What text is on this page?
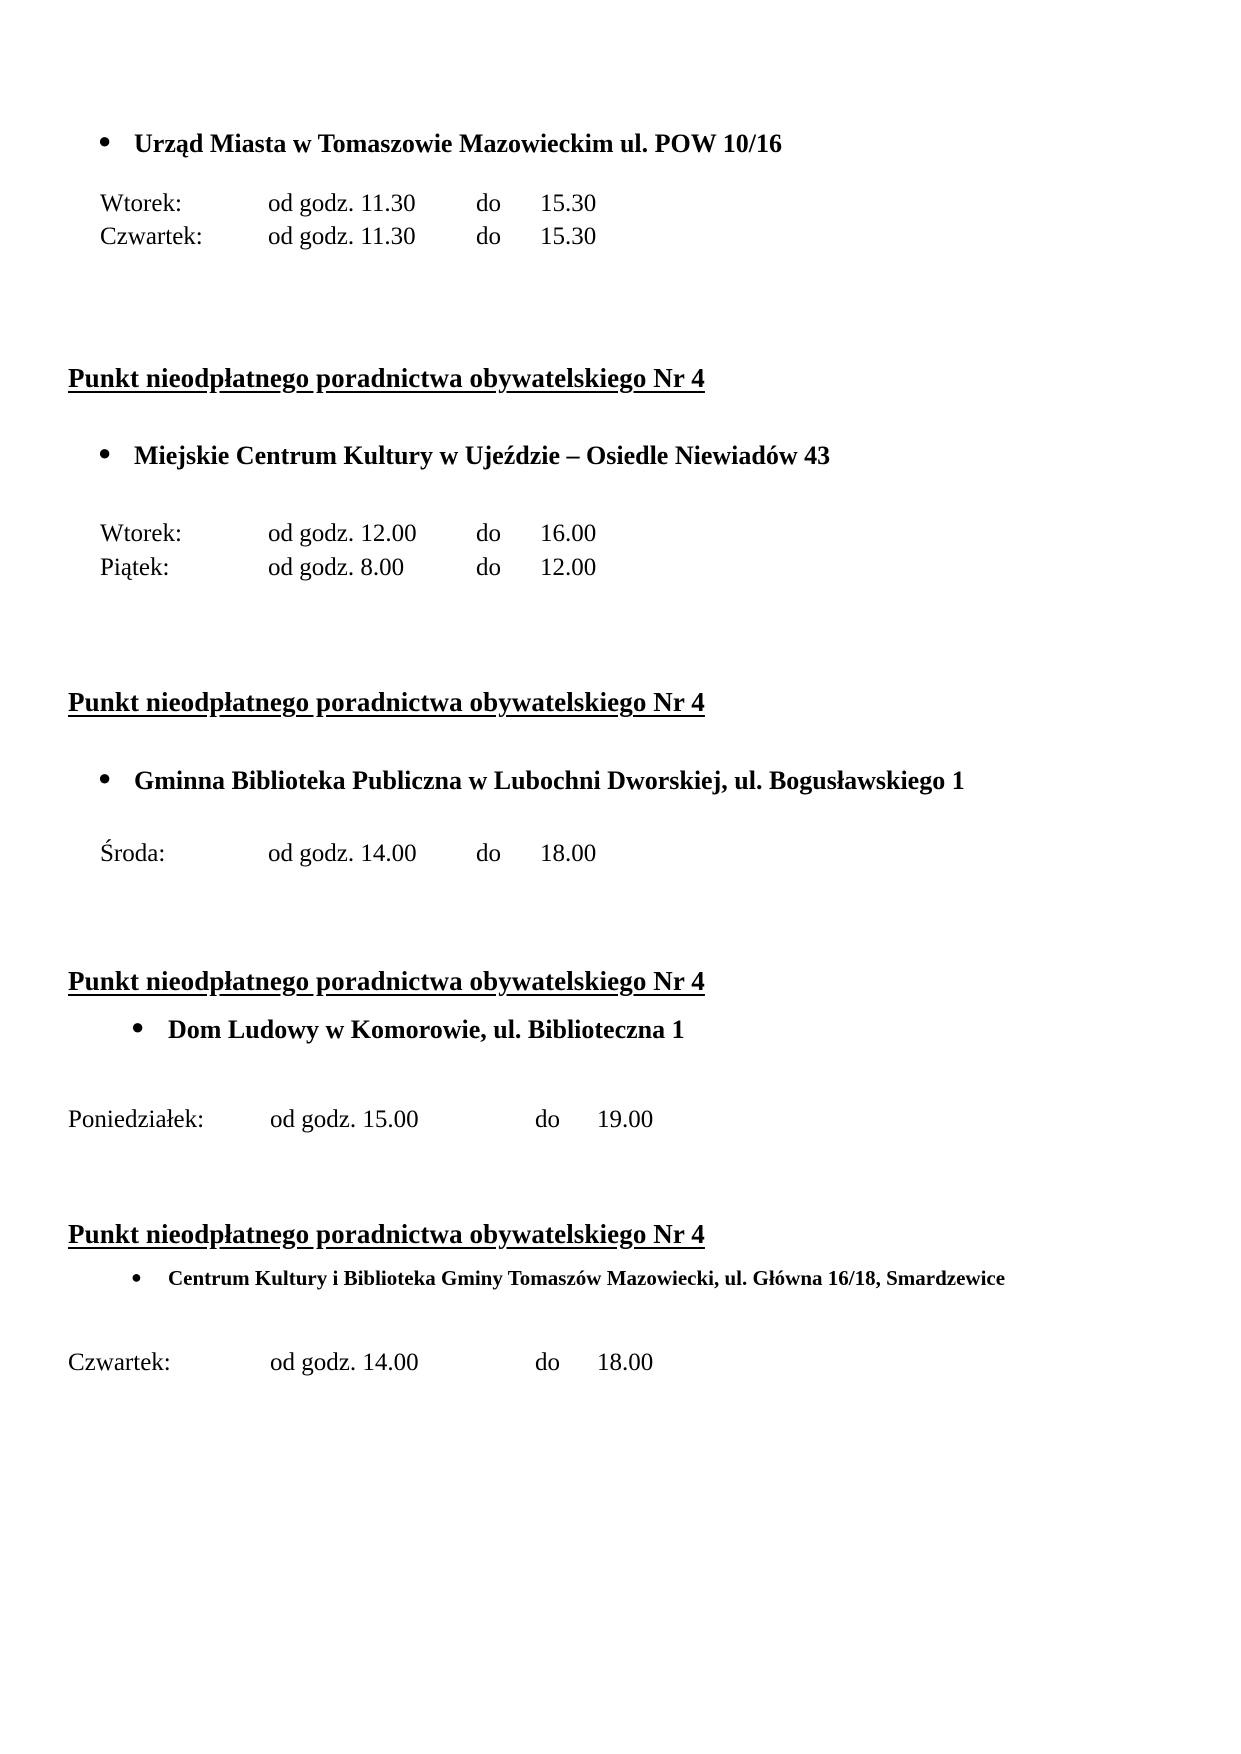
● Urząd Miasta w Tomaszowie Mazowieckim ul. POW 10/16
Wtorek:	od godz. 11.30 do 15.30
Czwartek:	od godz. 11.30 do 15.30
Punkt nieodpłatnego poradnictwa obywatelskiego Nr 4
● Miejskie Centrum Kultury w Ujeździe – Osiedle Niewiadów 43
Wtorek:	od godz. 12.00 do 16.00
Piątek:	od godz. 8.00	do 12.00
Punkt nieodpłatnego poradnictwa obywatelskiego Nr 4
● Gminna Biblioteka Publiczna w Lubochni Dworskiej, ul. Bogusławskiego 1
Środa:	od godz. 14.00 do 18.00
Punkt nieodpłatnego poradnictwa obywatelskiego Nr 4
● Dom Ludowy w Komorowie, ul. Biblioteczna 1
Poniedziałek:	od godz. 15.00	do 19.00
Punkt nieodpłatnego poradnictwa obywatelskiego Nr 4
● Centrum Kultury i Biblioteka Gminy Tomaszów Mazowiecki, ul. Główna 16/18, Smardzewice
Czwartek:	od godz. 14.00	do 18.00
